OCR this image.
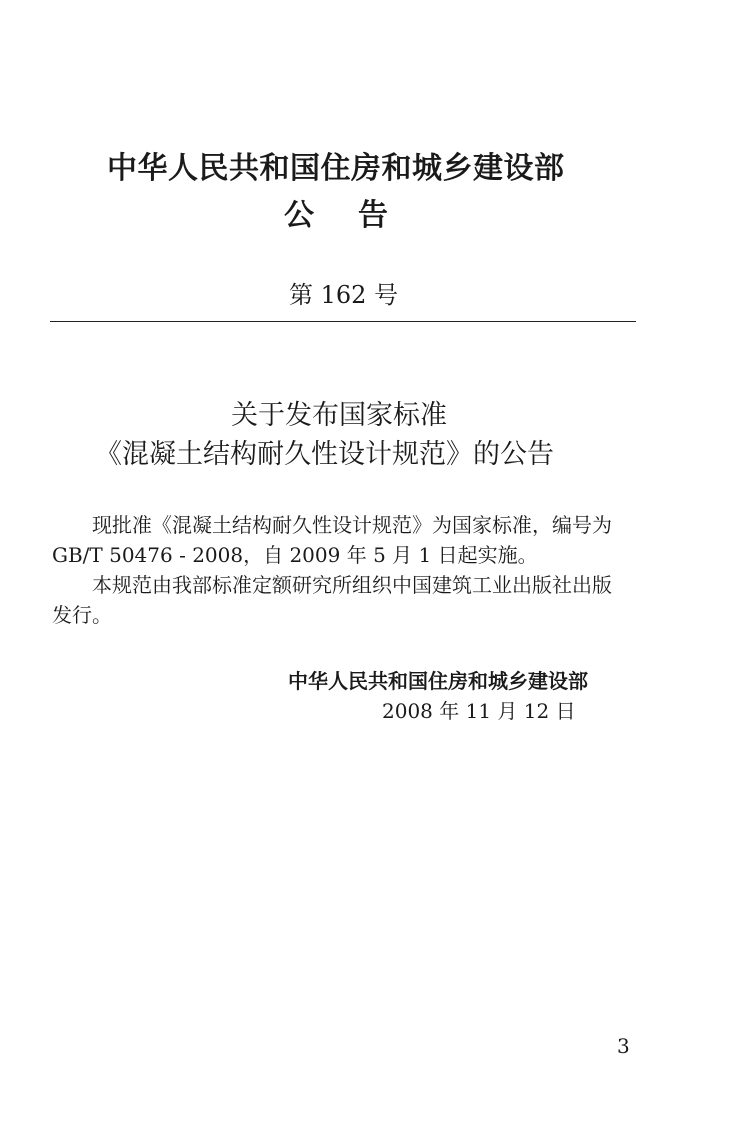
中华人民共和国住房和城乡建设部
公告
第 162 号
关于发布国家标准
《混凝土结构耐久性设计规范》的公告
现批准《混凝土结构耐久性设计规范》为国家标准，编号为
GB/T 50476 - 2008，自 2009 年 5 月 1 日起实施。
本规范由我部标准定额研究所组织中国建筑工业出版社出版
发行。
中华人民共和国住房和城乡建设部
2008 年 11 月 12 日
3
